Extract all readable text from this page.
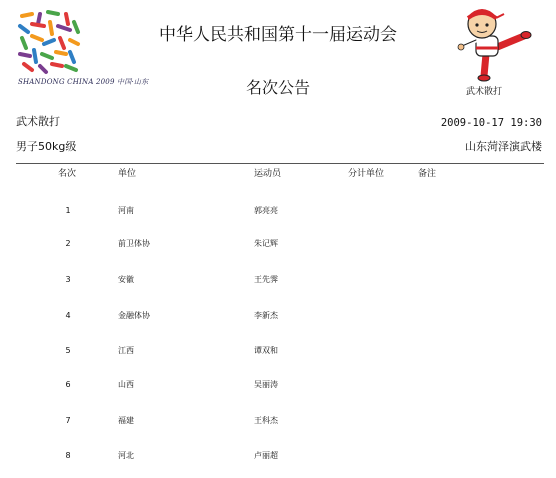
SHANDONG CHINA 2009 中国·山东
中华人民共和国第十一届运动会
名次公告	武术散打
武术散打	2009-10-17 19:30
男子50kg级	山东菏泽演武楼
名次	单位	运动员	分计单位	备注
1	河南	郭亮亮
2	前卫体协	朱记辉
3	安徽	王先霁
4	金融体协	李新杰
5	江西	谭双和
6	山西	吴丽涛
7	福建	王科杰
8	河北	卢丽超
